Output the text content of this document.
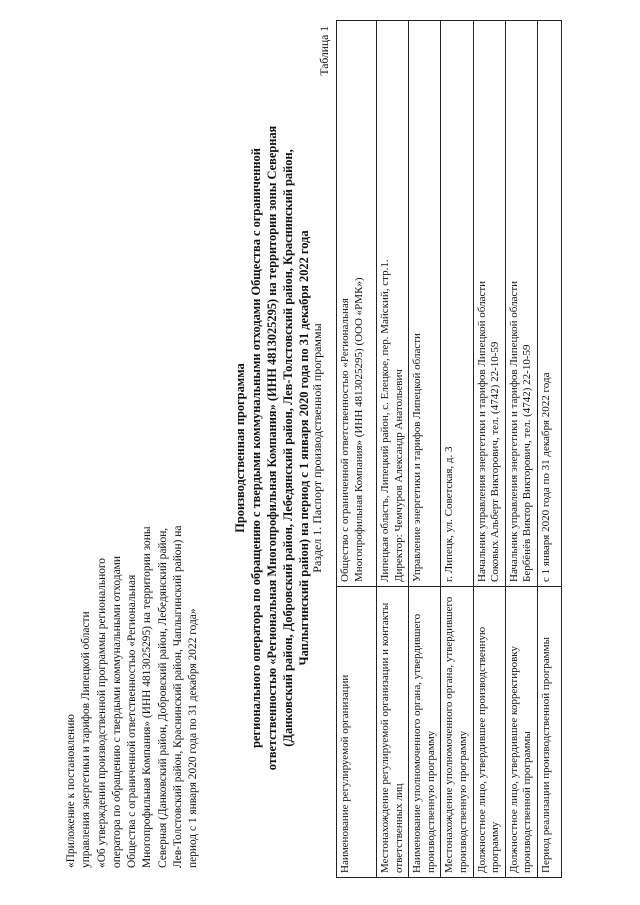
«Приложение к постановлению управления энергетики и тарифов Липецкой области «Об утверждении производственной программы регионального оператора по обращению с твердыми коммунальными отходами Общества с ограниченной ответственностью «Региональная Многопрофильная Компания» (ИНН 4813025295) на территории зоны Северная (Данковский район, Добровский район, Лебедянский район, Лев-Толстовский район, Краснинский район, Чаплыгинский район) на период с 1 января 2020 года по 31 декабря 2022 года»
Производственная программа регионального оператора по обращению с твердыми коммунальными отходами Общества с ограниченной ответственностью «Региональная Многопрофильная Компания» (ИНН 4813025295) на территории зоны Северная (Данковский район, Добровский район, Лебедянский район, Лев-Толстовский район, Краснинский район, Чаплыгинский район) на период с 1 января 2020 года по 31 декабря 2022 года Раздел 1. Паспорт производственной программы
Таблица 1
Наименование регулируемой организации	Общество с ограниченной ответственностью «Региональная Многопрофильная Компания» (ИНН 4813025295) (ООО «РМК»)

Местонахождение регулируемой организации и контакты ответственных лиц	Липецкая область, Липецкий район, с. Елецкое, пер. Майский, стр.1. Директор: Чемчуров Александр Анатольевич

Наименование уполномоченного органа, утвердившего производственную программу	Управление энергетики и тарифов Липецкой области

Местонахождение уполномоченного органа, утвердившего производственную программу	г. Липецк, ул. Советская, д. 3

Должностное лицо, утвердившее производственную программу	Начальник управления энергетики и тарифов Липецкой области Соковых Альберт Викторович, тел. (4742) 22-10-59

Должностное лицо, утвердившее корректировку производственной программы	Начальник управления энергетики и тарифов Липецкой области Бербёнёв Виктор Викторович, тел. (4742) 22-10-59

Период реализации производственной программы	с 1 января 2020 года по 31 декабря 2022 года
